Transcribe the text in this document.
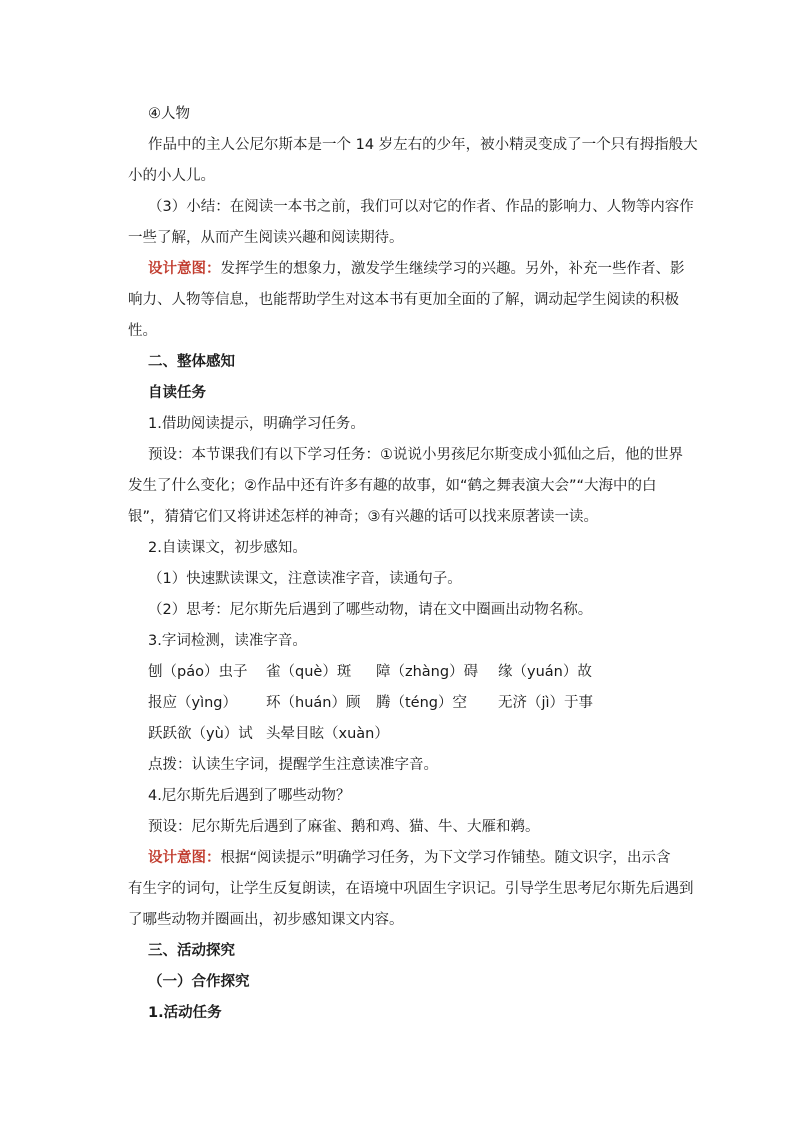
④人物

作品中的主人公尼尔斯本是一个 14 岁左右的少年，被小精灵变成了一个只有拇指般大

小的小人儿。

（3）小结：在阅读一本书之前，我们可以对它的作者、作品的影响力、人物等内容作

一些了解，从而产生阅读兴趣和阅读期待。

设计意图：发挥学生的想象力，激发学生继续学习的兴趣。另外，补充一些作者、影

响力、人物等信息，也能帮助学生对这本书有更加全面的了解，调动起学生阅读的积极

性。

二、整体感知

自读任务

1.借助阅读提示，明确学习任务。

预设：本节课我们有以下学习任务：①说说小男孩尼尔斯变成小狐仙之后，他的世界

发生了什么变化；②作品中还有许多有趣的故事，如“鹤之舞表演大会”“大海中的白

银”，猜猜它们又将讲述怎样的神奇；③有兴趣的话可以找来原著读一读。

2.自读课文，初步感知。

（1）快速默读课文，注意读准字音，读通句子。

（2）思考：尼尔斯先后遇到了哪些动物，请在文中圈画出动物名称。

3.字词检测，读准字音。

刨（páo）虫子	雀（què）斑	障（zhàng）碍	缘（yuán）故
报应（yìng）	环（huán）顾	腾（téng）空	无济（jì）于事
跃跃欲（yù）试 头晕目眩（xuàn）

点拨：认读生字词，提醒学生注意读准字音。

4.尼尔斯先后遇到了哪些动物？

预设：尼尔斯先后遇到了麻雀、鹅和鸡、猫、牛、大雁和鹈。

设计意图：根据“阅读提示”明确学习任务，为下文学习作铺垫。随文识字，出示含

有生字的词句，让学生反复朗读，在语境中巩固生字识记。引导学生思考尼尔斯先后遇到

了哪些动物并圈画出，初步感知课文内容。

三、活动探究

（一）合作探究

1.活动任务
